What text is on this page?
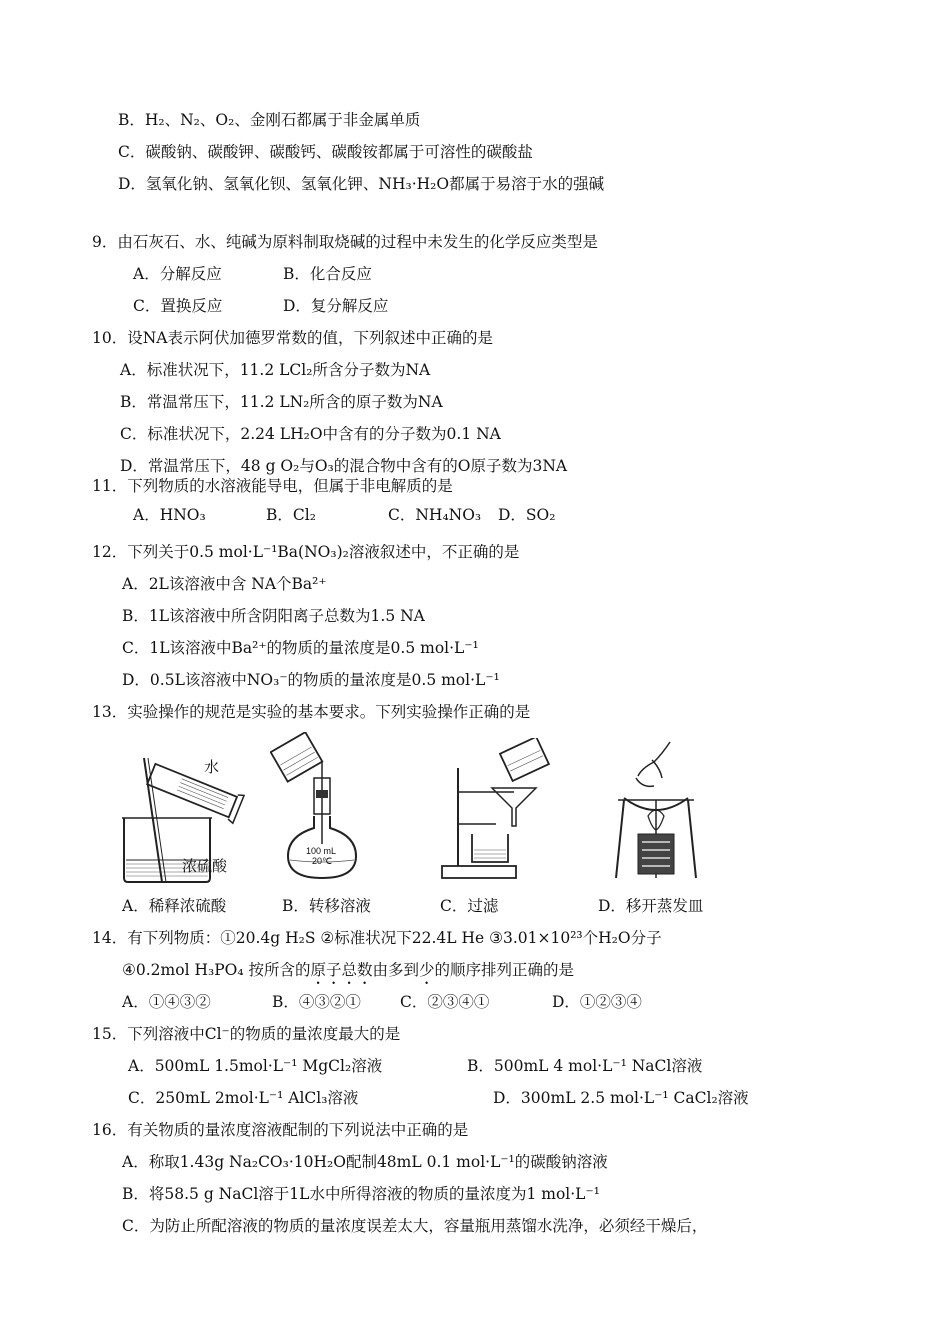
B．H₂、N₂、O₂、金刚石都属于非金属单质
C．碳酸钠、碳酸钾、碳酸钙、碳酸铵都属于可溶性的碳酸盐
D．氢氧化钠、氢氧化钡、氢氧化钾、NH₃·H₂O都属于易溶于水的强碱
9．由石灰石、水、纯碱为原料制取烧碱的过程中未发生的化学反应类型是
A．分解反应	B．化合反应
C．置换反应	D．复分解反应
10．设NA表示阿伏加德罗常数的值，下列叙述中正确的是
A．标准状况下，11.2 LCl₂所含分子数为NA
B．常温常压下，11.2 LN₂所含的原子数为NA
C．标准状况下，2.24 LH₂O中含有的分子数为0.1 NA
D．常温常压下，48 g O₂与O₃的混合物中含有的O原子数为3NA
11．下列物质的水溶液能导电，但属于非电解质的是
A．HNO₃	B．Cl₂	C．NH₄NO₃ D．SO₂
12．下列关于0.5 mol·L⁻¹Ba(NO₃)₂溶液叙述中，不正确的是
A．2L该溶液中含 NA个Ba²⁺
B．1L该溶液中所含阴阳离子总数为1.5 NA
C．1L该溶液中Ba²⁺的物质的量浓度是0.5 mol·L⁻¹
D．0.5L该溶液中NO₃⁻的物质的量浓度是0.5 mol·L⁻¹
13．实验操作的规范是实验的基本要求。下列实验操作正确的是
水
浓硫酸
100 mL
20℃
A．稀释浓硫酸	B．转移溶液	C．过滤	D．移开蒸发皿
14．有下列物质：①20.4g H₂S ②标准状况下22.4L He ③3.01×10²³个H₂O分子
④0.2mol H₃PO₄ 按所含的原子总数由多到少的顺序排列正确的是
A．①④③②	B．④③②①	C．②③④①	D．①②③④
15．下列溶液中Cl⁻的物质的量浓度最大的是
A．500mL 1.5mol·L⁻¹ MgCl₂溶液	B．500mL 4 mol·L⁻¹ NaCl溶液
C．250mL 2mol·L⁻¹ AlCl₃溶液	D．300mL 2.5 mol·L⁻¹ CaCl₂溶液
16．有关物质的量浓度溶液配制的下列说法中正确的是
A．称取1.43g Na₂CO₃·10H₂O配制48mL 0.1 mol·L⁻¹的碳酸钠溶液
B．将58.5 g NaCl溶于1L水中所得溶液的物质的量浓度为1 mol·L⁻¹
C．为防止所配溶液的物质的量浓度误差太大，容量瓶用蒸馏水洗净，必须经干燥后，
